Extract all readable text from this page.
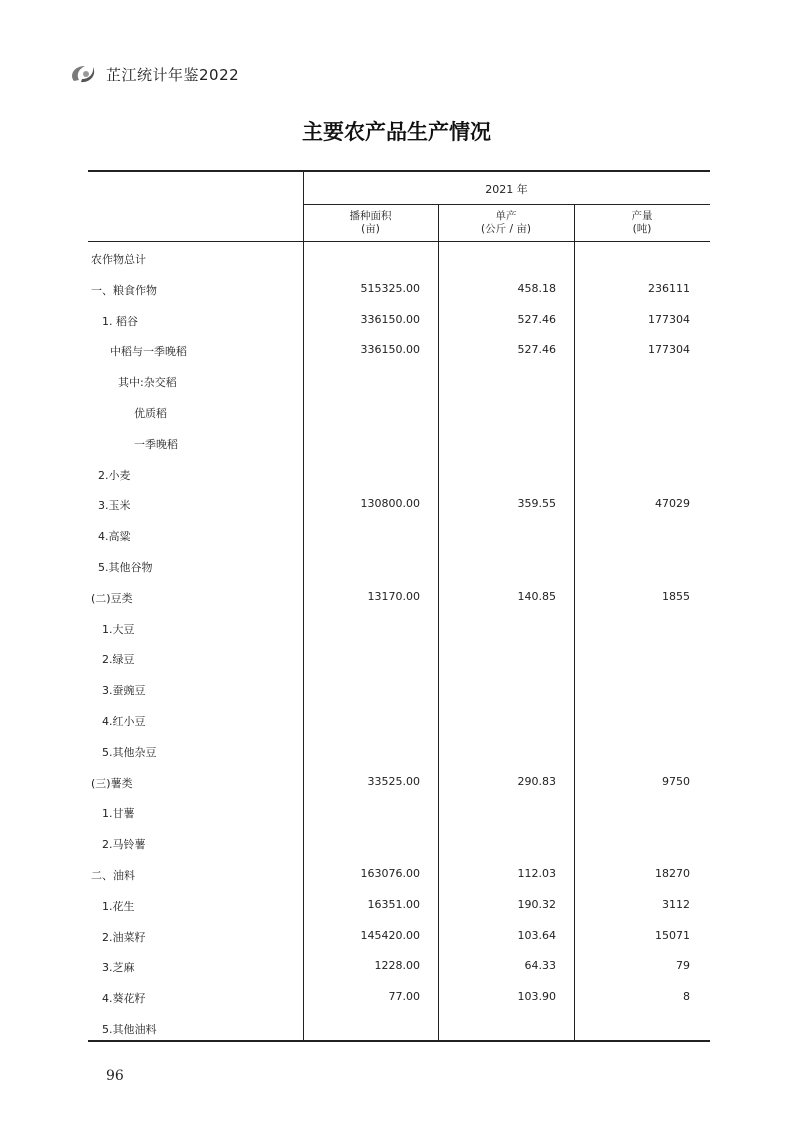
芷江统计年鉴2022
主要农产品生产情况
2021 年
播种面积
(亩)
单产
(公斤 / 亩)
产量
(吨)
农作物总计
一、粮食作物	515325.00	458.18	236111
1. 稻谷	336150.00	527.46	177304
中稻与一季晚稻	336150.00	527.46	177304
其中:杂交稻
优质稻
一季晚稻
2.小麦
3.玉米	130800.00	359.55	47029
4.高粱
5.其他谷物
(二)豆类	13170.00	140.85	1855
1.大豆
2.绿豆
3.蚕豌豆
4.红小豆
5.其他杂豆
(三)薯类	33525.00	290.83	9750
1.甘薯
2.马铃薯
二、油料	163076.00	112.03	18270
1.花生	16351.00	190.32	3112
2.油菜籽	145420.00	103.64	15071
3.芝麻	1228.00	64.33	79
4.葵花籽	77.00	103.90	8
5.其他油料
96
